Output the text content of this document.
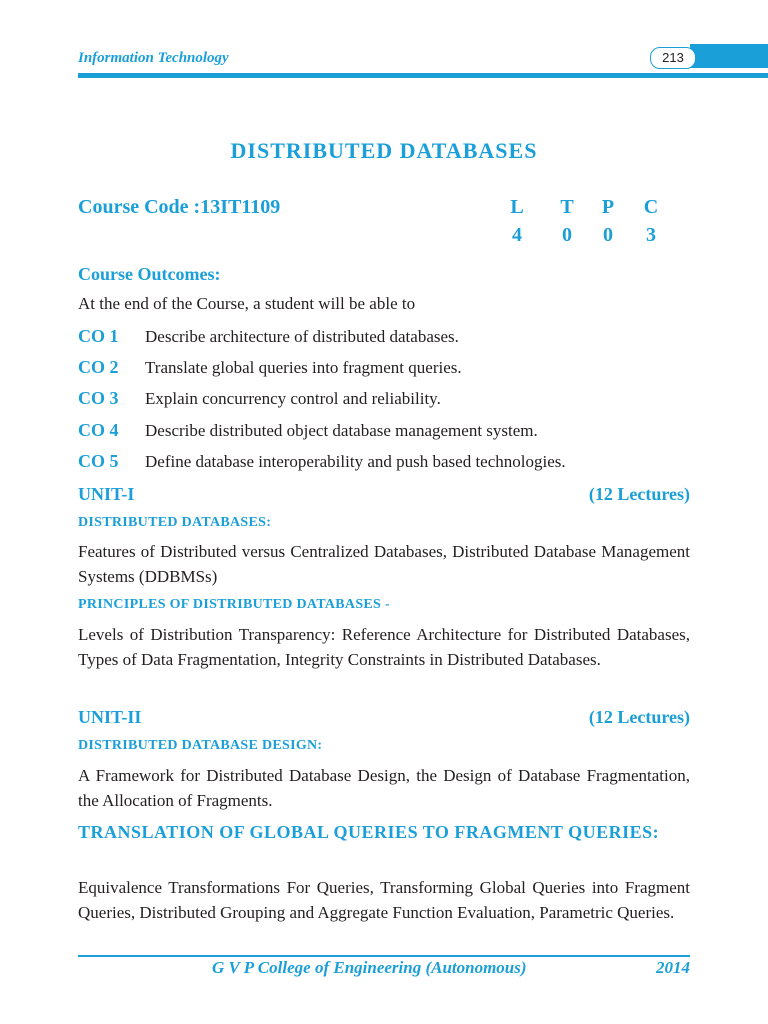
Information Technology	213
DISTRIBUTED DATABASES
Course Code :13IT1109	L T P C
4 0 0 3
Course Outcomes:
At the end of the Course, a student will be able to
CO 1 Describe architecture of distributed databases.
CO 2 Translate global queries into fragment queries.
CO 3 Explain concurrency control and reliability.
CO 4 Describe distributed object database management system.
CO 5 Define database interoperability and push based technologies.
UNIT-I	(12 Lectures)
DISTRIBUTED DATABASES:
Features of Distributed versus Centralized Databases, Distributed Database Management Systems (DDBMSs)
PRINCIPLES OF DISTRIBUTED DATABASES -
Levels of Distribution Transparency: Reference Architecture for Distributed Databases, Types of Data Fragmentation, Integrity Constraints in Distributed Databases.
UNIT-II	(12 Lectures)
DISTRIBUTED DATABASE DESIGN:
A Framework for Distributed Database Design, the Design of Database Fragmentation, the Allocation of Fragments.
TRANSLATION OF GLOBAL QUERIES TO FRAGMENT QUERIES:
Equivalence Transformations For Queries, Transforming Global Queries into Fragment Queries, Distributed Grouping and Aggregate Function Evaluation, Parametric Queries.
G V P College of Engineering (Autonomous)	2014
